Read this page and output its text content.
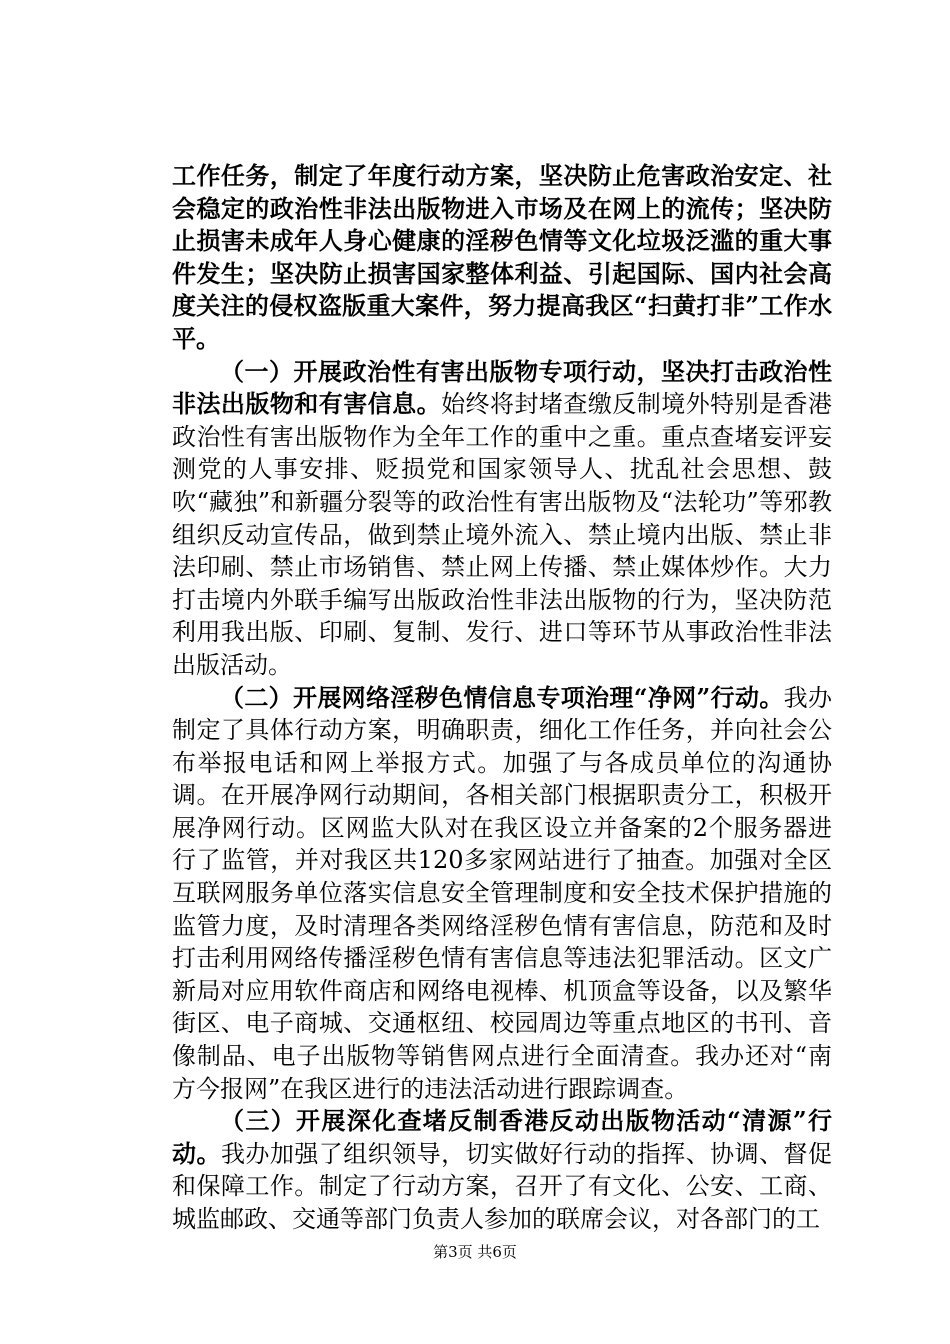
工作任务，制定了年度行动方案，坚决防止危害政治安定、社会稳定的政治性非法出版物进入市场及在网上的流传；坚决防止损害未成年人身心健康的淫秽色情等文化垃圾泛滥的重大事件发生；坚决防止损害国家整体利益、引起国际、国内社会高度关注的侵权盗版重大案件，努力提高我区“扫黄打非”工作水平。

（一）开展政治性有害出版物专项行动，坚决打击政治性非法出版物和有害信息。始终将封堵查缴反制境外特别是香港政治性有害出版物作为全年工作的重中之重。重点查堵妄评妄测党的人事安排、贬损党和国家领导人、扰乱社会思想、鼓吹“藏独”和新疆分裂等的政治性有害出版物及“法轮功”等邪教组织反动宣传品，做到禁止境外流入、禁止境内出版、禁止非法印刷、禁止市场销售、禁止网上传播、禁止媒体炒作。大力打击境内外联手编写出版政治性非法出版物的行为，坚决防范利用我出版、印刷、复制、发行、进口等环节从事政治性非法出版活动。

（二）开展网络淫秽色情信息专项治理“净网”行动。我办制定了具体行动方案，明确职责，细化工作任务，并向社会公布举报电话和网上举报方式。加强了与各成员单位的沟通协调。在开展净网行动期间，各相关部门根据职责分工，积极开展净网行动。区网监大队对在我区设立并备案的2个服务器进行了监管，并对我区共120多家网站进行了抽查。加强对全区互联网服务单位落实信息安全管理制度和安全技术保护措施的监管力度，及时清理各类网络淫秽色情有害信息，防范和及时打击利用网络传播淫秽色情有害信息等违法犯罪活动。区文广新局对应用软件商店和网络电视棒、机顶盒等设备，以及繁华街区、电子商城、交通枢纽、校园周边等重点地区的书刊、音像制品、电子出版物等销售网点进行全面清查。我办还对“南方今报网”在我区进行的违法活动进行跟踪调查。

（三）开展深化查堵反制香港反动出版物活动“清源”行动。我办加强了组织领导，切实做好行动的指挥、协调、督促和保障工作。制定了行动方案，召开了有文化、公安、工商、城监邮政、交通等部门负责人参加的联席会议，对各部门的工

第3页 共6页
